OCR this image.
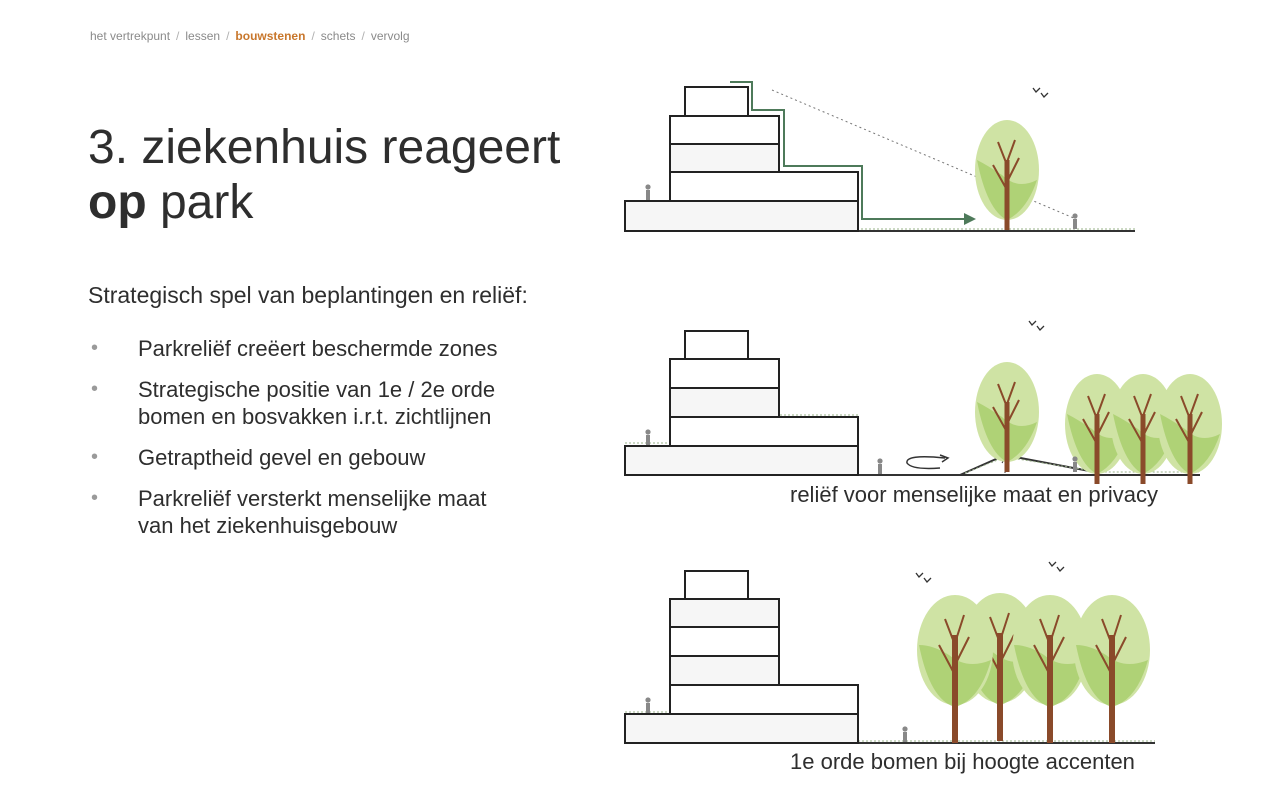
het vertrekpunt / lessen / bouwstenen / schets / vervolg
3. ziekenhuis reageert
op park
Strategisch spel van beplantingen en reliëf:
• Parkreliëf creëert beschermde zones
• Strategische positie van 1e / 2e orde
bomen en bosvakken i.r.t. zichtlijnen
• Getraptheid gevel en gebouw
• Parkreliëf versterkt menselijke maat
van het ziekenhuisgebouw
reliëf voor menselijke maat en privacy
1e orde bomen bij hoogte accenten
